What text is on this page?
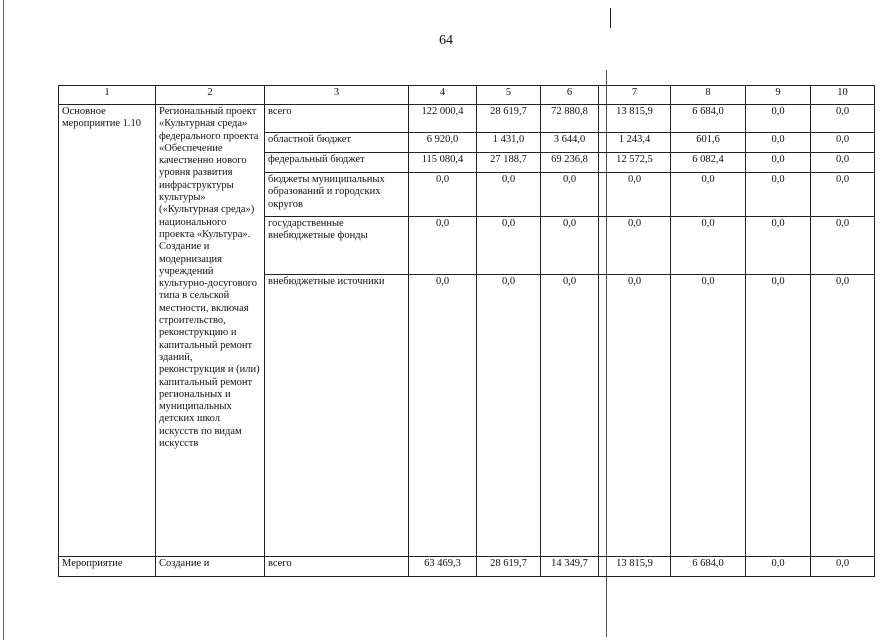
64
1	2	3	4	5	6	7	8	9	10
Основное мероприятие 1.10	Региональный проект «Культурная среда» федерального проекта «Обеспечение качественно нового уровня развития инфраструктуры культуры» («Культурная среда») национального проекта «Культура». Создание и модернизация учреждений культурно-досугового типа в сельской местности, включая строительство, реконструкцию и капитальный ремонт зданий, реконструкция и (или) капитальный ремонт региональных и муниципальных детских школ искусств по видам искусств	всего	122 000,4	28 619,7	72 880,8	13 815,9	6 684,0	0,0	0,0
		областной бюджет	6 920,0	1 431,0	3 644,0	1 243,4	601,6	0,0	0,0
		федеральный бюджет	115 080,4	27 188,7	69 236,8	12 572,5	6 082,4	0,0	0,0
		бюджеты муниципальных образований и городских округов	0,0	0,0	0,0	0,0	0,0	0,0	0,0
		государственные внебюджетные фонды	0,0	0,0	0,0	0,0	0,0	0,0	0,0
		внебюджетные источники	0,0	0,0	0,0	0,0	0,0	0,0	0,0
Мероприятие	Создание и	всего	63 469,3	28 619,7	14 349,7	13 815,9	6 684,0	0,0	0,0
